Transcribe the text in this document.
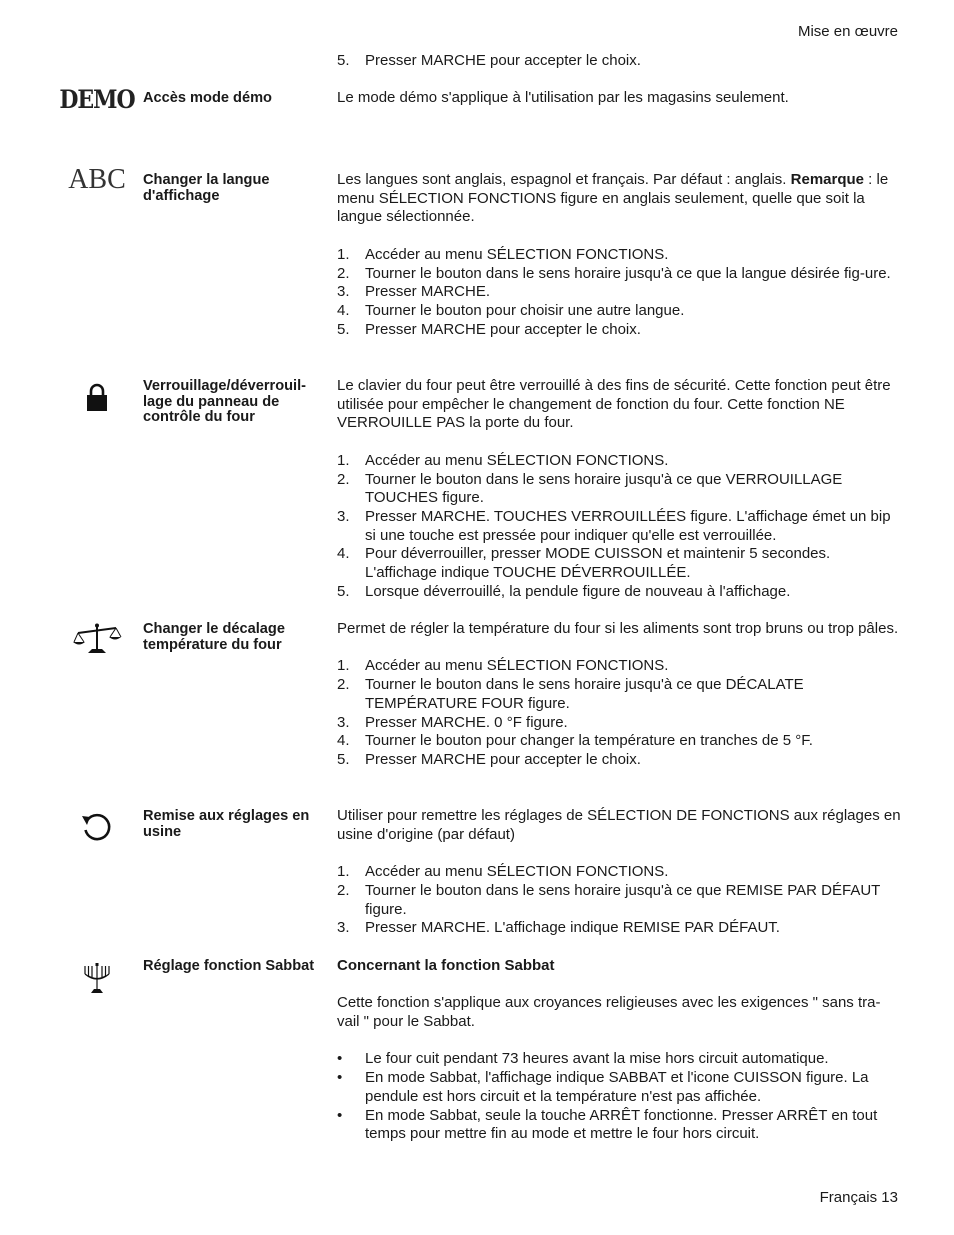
Mise en œuvre
5. Presser MARCHE pour accepter le choix.
DEMO Accès mode démo	Le mode démo s'applique à l'utilisation par les magasins seulement.

ABC Changer la langue d'affichage

Les langues sont anglais, espagnol et français. Par défaut : anglais. Remarque : le menu SÉLECTION FONCTIONS figure en anglais seulement, quelle que soit la langue sélectionnée.

1. Accéder au menu SÉLECTION FONCTIONS.
2. Tourner le bouton dans le sens horaire jusqu'à ce que la langue désirée fig-ure.
3. Presser MARCHE.
4. Tourner le bouton pour choisir une autre langue.
5. Presser MARCHE pour accepter le choix.
Verrouillage/déverrouil-lage du panneau de contrôle du four

Le clavier du four peut être verrouillé à des fins de sécurité. Cette fonction peut être utilisée pour empêcher le changement de fonction du four. Cette fonction NE VERROUILLE PAS la porte du four.

1. Accéder au menu SÉLECTION FONCTIONS.
2. Tourner le bouton dans le sens horaire jusqu'à ce que VERROUILLAGE TOUCHES figure.
3. Presser MARCHE. TOUCHES VERROUILLÉES figure. L'affichage émet un bip si une touche est pressée pour indiquer qu'elle est verrouillée.
4. Pour déverrouiller, presser MODE CUISSON et maintenir 5 secondes. L'affichage indique TOUCHE DÉVERROUILLÉE.
5. Lorsque déverrouillé, la pendule figure de nouveau à l'affichage.
Changer le décalage température du four

Permet de régler la température du four si les aliments sont trop bruns ou trop pâles.

1. Accéder au menu SÉLECTION FONCTIONS.
2. Tourner le bouton dans le sens horaire jusqu'à ce que DÉCALATE TEMPÉRATURE FOUR figure.
3. Presser MARCHE. 0 °F figure.
4. Tourner le bouton pour changer la température en tranches de 5 °F.
5. Presser MARCHE pour accepter le choix.
Remise aux réglages en usine

Utiliser pour remettre les réglages de SÉLECTION DE FONCTIONS aux réglages en usine d'origine (par défaut)

1. Accéder au menu SÉLECTION FONCTIONS.
2. Tourner le bouton dans le sens horaire jusqu'à ce que REMISE PAR DÉFAUT figure.
3. Presser MARCHE. L'affichage indique REMISE PAR DÉFAUT.
Réglage fonction Sabbat	Concernant la fonction Sabbat

Cette fonction s'applique aux croyances religieuses avec les exigences " sans tra-vail " pour le Sabbat.

• Le four cuit pendant 73 heures avant la mise hors circuit automatique.
• En mode Sabbat, l'affichage indique SABBAT et l'icone CUISSON figure. La pendule est hors circuit et la température n'est pas affichée.
• En mode Sabbat, seule la touche ARRÊT fonctionne. Presser ARRÊT en tout temps pour mettre fin au mode et mettre le four hors circuit.
Français 13
